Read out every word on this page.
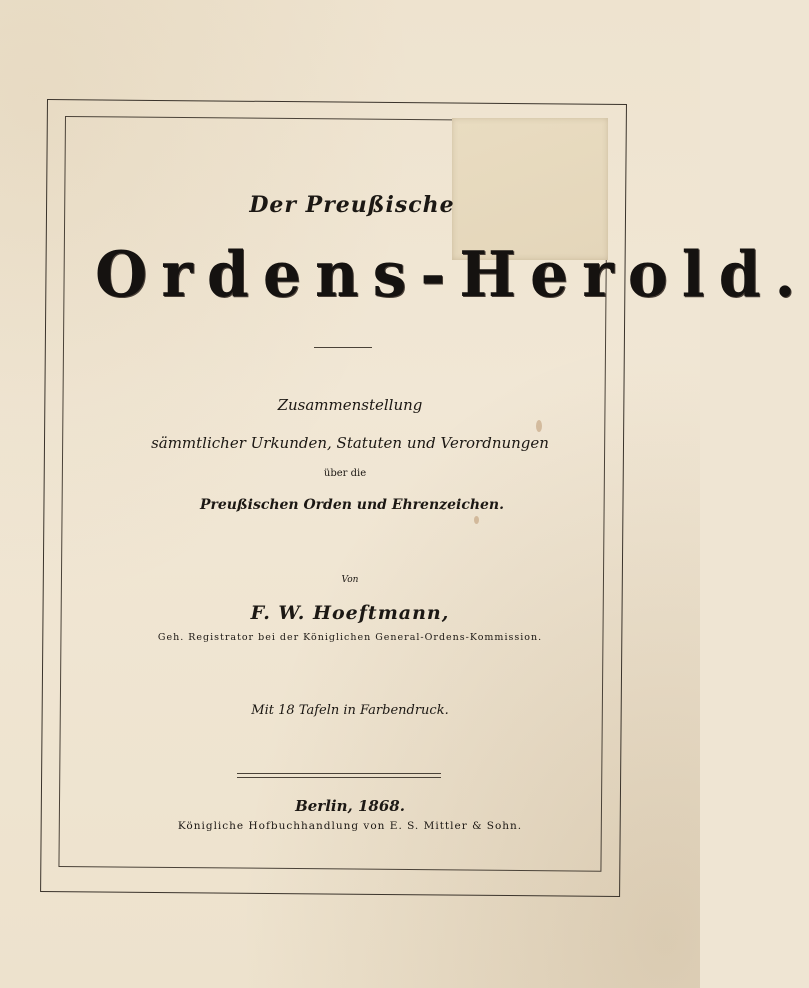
Der Preußische
Ordens-Herold.
Zusammenstellung
sämmtlicher Urkunden, Statuten und Verordnungen
über die
Preußischen Orden und Ehrenzeichen.
Von
F. W. Hoeftmann,
Geh. Registrator bei der Königlichen General-Ordens-Kommission.
Mit 18 Tafeln in Farbendruck.
Berlin, 1868.
Königliche Hofbuchhandlung von E. S. Mittler & Sohn.
